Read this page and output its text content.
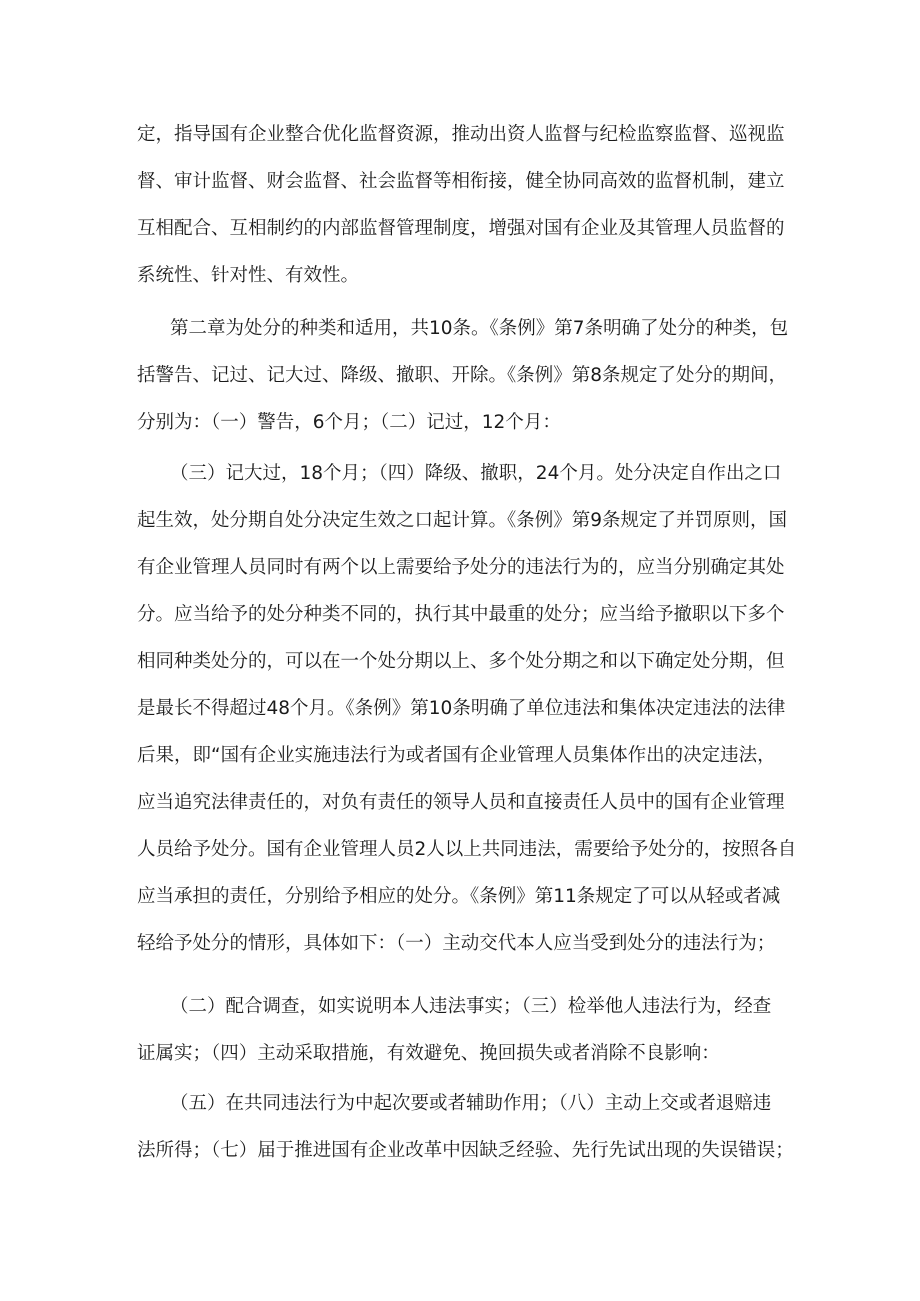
定，指导国有企业整合优化监督资源，推动出资人监督与纪检监察监督、巡视监
督、审计监督、财会监督、社会监督等相衔接，健全协同高效的监督机制，建立
互相配合、互相制约的内部监督管理制度，增强对国有企业及其管理人员监督的
系统性、针对性、有效性。
第二章为处分的种类和适用，共10条。《条例》第7条明确了处分的种类，包
括警告、记过、记大过、降级、撤职、开除。《条例》第8条规定了处分的期间，
分别为：（一）警告，6个月；（二）记过，12个月：
（三）记大过，18个月；（四）降级、撤职，24个月。处分决定自作出之口
起生效，处分期自处分决定生效之口起计算。《条例》第9条规定了并罚原则，国
有企业管理人员同时有两个以上需要给予处分的违法行为的，应当分别确定其处
分。应当给予的处分种类不同的，执行其中最重的处分；应当给予撤职以下多个
相同种类处分的，可以在一个处分期以上、多个处分期之和以下确定处分期，但
是最长不得超过48个月。《条例》第10条明确了单位违法和集体决定违法的法律
后果，即“国有企业实施违法行为或者国有企业管理人员集体作出的决定违法，
应当追究法律责任的，对负有责任的领导人员和直接责任人员中的国有企业管理
人员给予处分。国有企业管理人员2人以上共同违法，需要给予处分的，按照各自
应当承担的责任，分别给予相应的处分。《条例》第11条规定了可以从轻或者减
轻给予处分的情形，具体如下：（一）主动交代本人应当受到处分的违法行为；
（二）配合调查，如实说明本人违法事实；（三）检举他人违法行为，经查
证属实；（四）主动采取措施，有效避免、挽回损失或者消除不良影响：
（五）在共同违法行为中起次要或者辅助作用；（八）主动上交或者退赔违
法所得；（七）届于推进国有企业改革中因缺乏经验、先行先试出现的失误错误；
